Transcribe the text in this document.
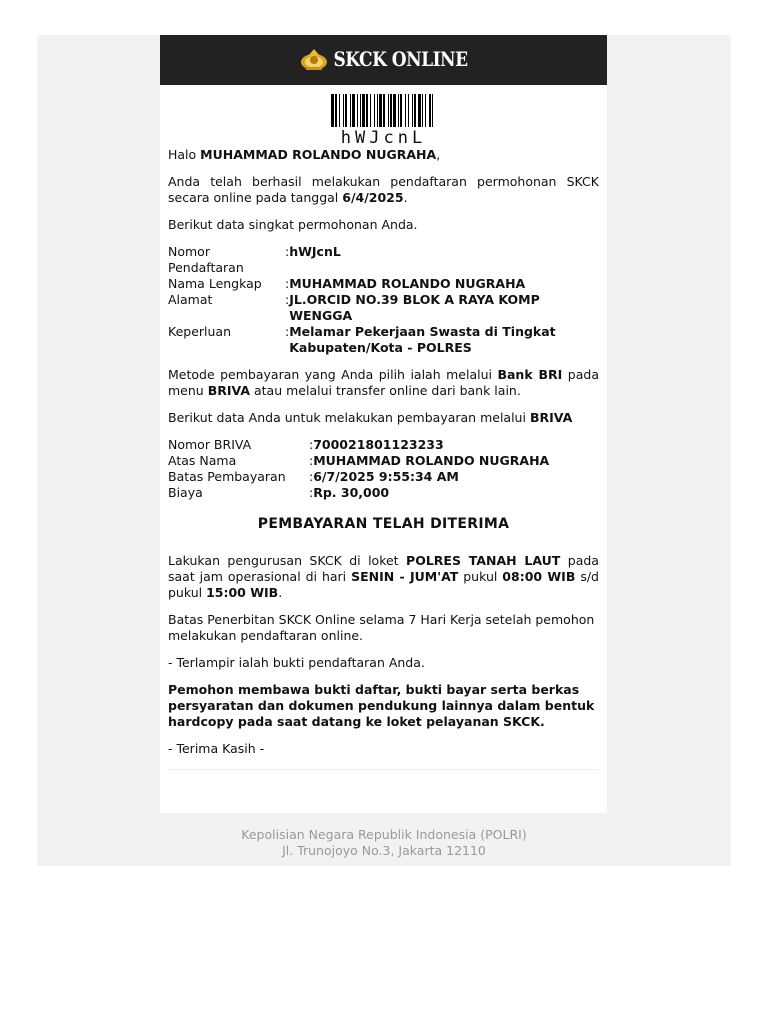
SKCK ONLINE
hWJcnL

Halo MUHAMMAD ROLANDO NUGRAHA,

Anda telah berhasil melakukan pendaftaran permohonan SKCK secara online pada tanggal 6/4/2025.

Berikut data singkat permohonan Anda.

Nomor Pendaftaran	:	hWJcnL
Nama Lengkap	:	MUHAMMAD ROLANDO NUGRAHA
Alamat	:	JL.ORCID NO.39 BLOK A RAYA KOMP WENGGA
Keperluan	:	Melamar Pekerjaan Swasta di Tingkat Kabupaten/Kota - POLRES

Metode pembayaran yang Anda pilih ialah melalui Bank BRI pada menu BRIVA atau melalui transfer online dari bank lain.

Berikut data Anda untuk melakukan pembayaran melalui BRIVA

Nomor BRIVA	:	700021801123233
Atas Nama	:	MUHAMMAD ROLANDO NUGRAHA
Batas Pembayaran	:	6/7/2025 9:55:34 AM
Biaya	:	Rp. 30,000
PEMBAYARAN TELAH DITERIMA

Lakukan pengurusan SKCK di loket POLRES TANAH LAUT pada saat jam operasional di hari SENIN - JUM'AT pukul 08:00 WIB s/d pukul 15:00 WIB.

Batas Penerbitan SKCK Online selama 7 Hari Kerja setelah pemohon melakukan pendaftaran online.

- Terlampir ialah bukti pendaftaran Anda.

Pemohon membawa bukti daftar, bukti bayar serta berkas persyaratan dan dokumen pendukung lainnya dalam bentuk hardcopy pada saat datang ke loket pelayanan SKCK.

- Terima Kasih -

Kepolisian Negara Republik Indonesia (POLRI)
Jl. Trunojoyo No.3, Jakarta 12110
